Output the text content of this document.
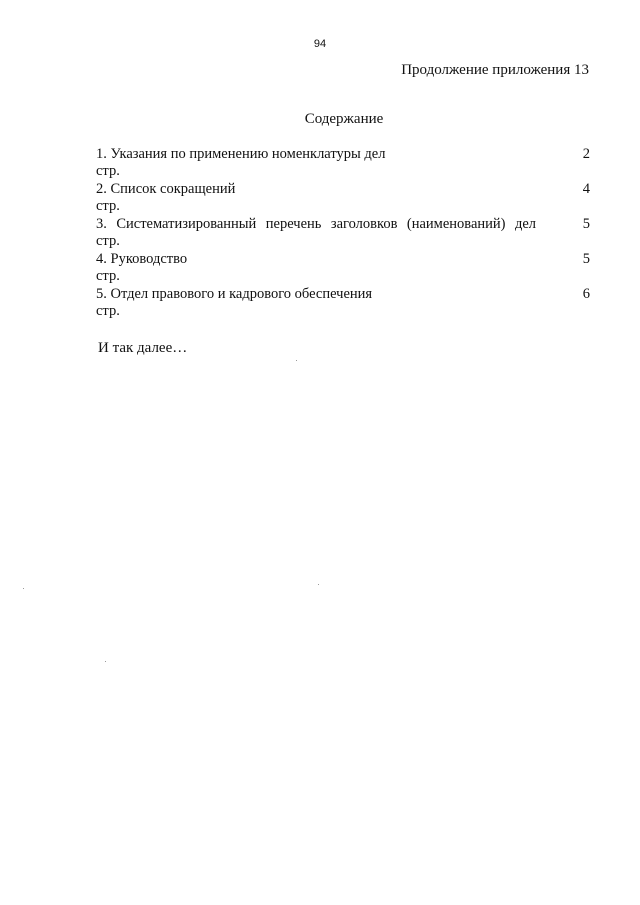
94
Продолжение приложения 13
Содержание
1. Указания по применению номенклатуры дел	2
стр.
2. Список сокращений	4
стр.
3. Систематизированный перечень заголовков (наименований) дел	5
стр.
4. Руководство	5
стр.
5. Отдел правового и кадрового обеспечения	6
стр.
И так далее…
